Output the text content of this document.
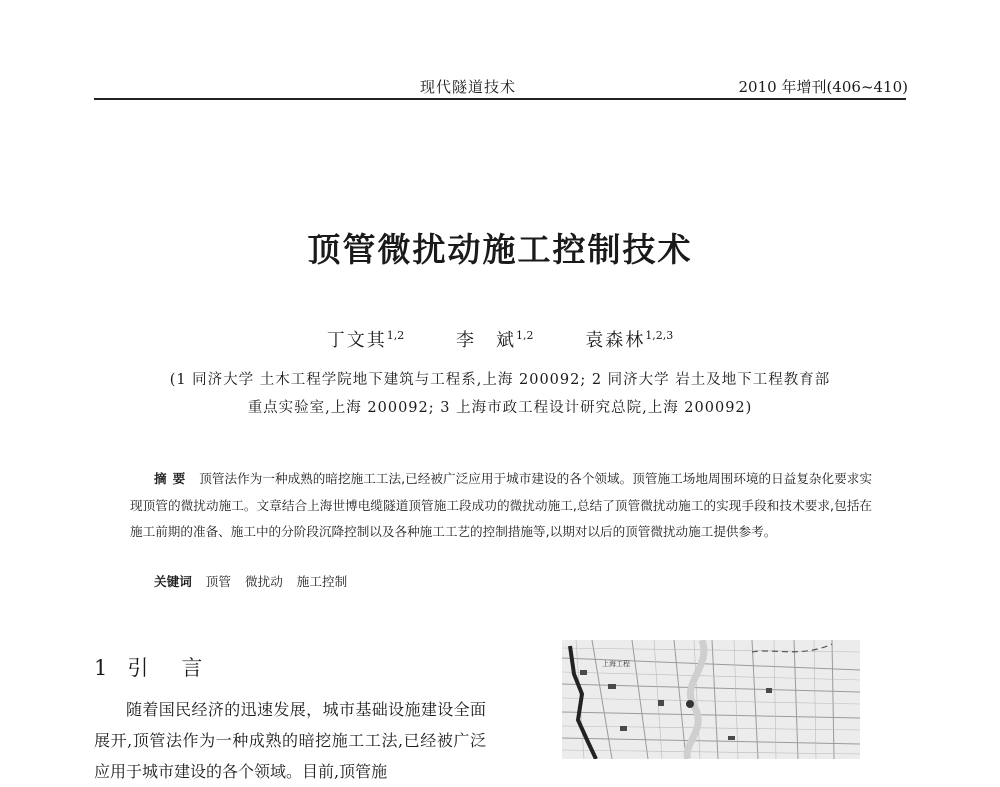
现代隧道技术	2010 年增刊(406~410)
顶管微扰动施工控制技术
丁文其$^{1,2}$	李　斌$^{1,2}$	袁森林$^{1,2,3}$
(1 同济大学 土木工程学院地下建筑与工程系,上海 200092; 2 同济大学 岩土及地下工程教育部
重点实验室,上海 200092; 3 上海市政工程设计研究总院,上海 200092)
摘要 顶管法作为一种成熟的暗挖施工工法,已经被广泛应用于城市建设的各个领域。顶管施工场地周围环境的日益复杂化要求实现顶管的微扰动施工。文章结合上海世博电缆隧道顶管施工段成功的微扰动施工,总结了顶管微扰动施工的实现手段和技术要求,包括在施工前期的准备、施工中的分阶段沉降控制以及各种施工工艺的控制措施等,以期对以后的顶管微扰动施工提供参考。
关键词 顶管 微扰动 施工控制
1 引　言

随着国民经济的迅速发展，城市基础设施建设全面展开,顶管法作为一种成熟的暗挖施工工法,已经被广泛应用于城市建设的各个领域。目前,顶管施

上海工程
